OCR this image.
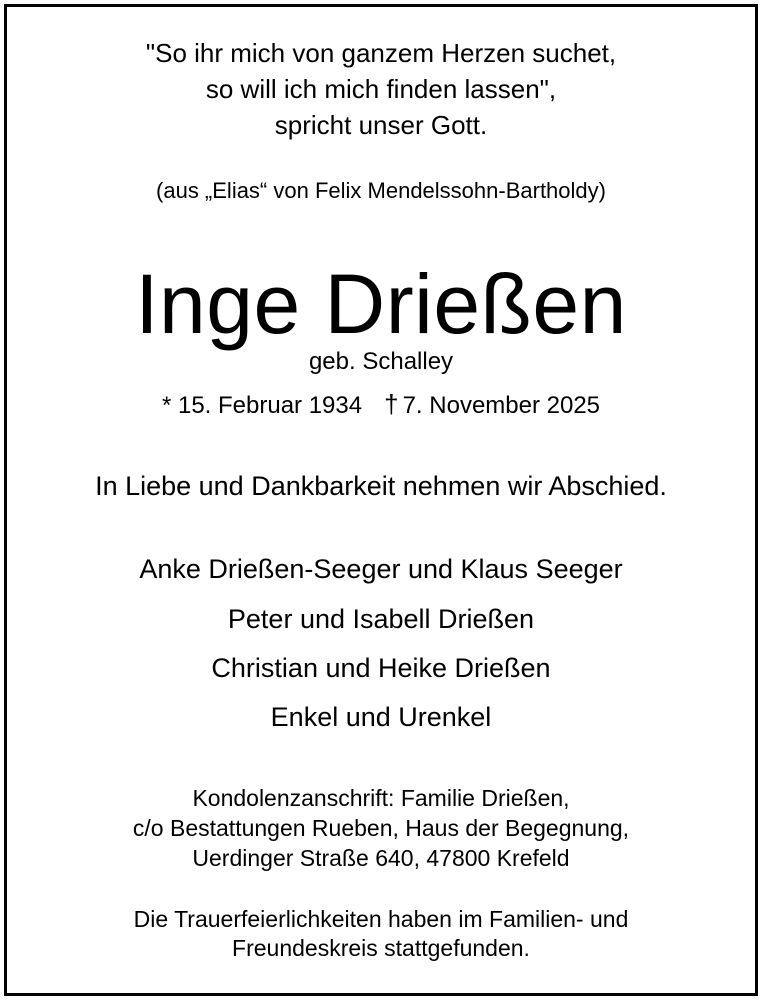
"So ihr mich von ganzem Herzen suchet,
so will ich mich finden lassen",
spricht unser Gott.
(aus „Elias“ von Felix Mendelssohn-Bartholdy)
Inge Drießen
geb. Schalley
* 15. Februar 1934 † 7. November 2025
In Liebe und Dankbarkeit nehmen wir Abschied.
Anke Drießen-Seeger und Klaus Seeger
Peter und Isabell Drießen
Christian und Heike Drießen
Enkel und Urenkel
Kondolenzanschrift: Familie Drießen,
c/o Bestattungen Rueben, Haus der Begegnung,
Uerdinger Straße 640, 47800 Krefeld
Die Trauerfeierlichkeiten haben im Familien- und
Freundeskreis stattgefunden.
